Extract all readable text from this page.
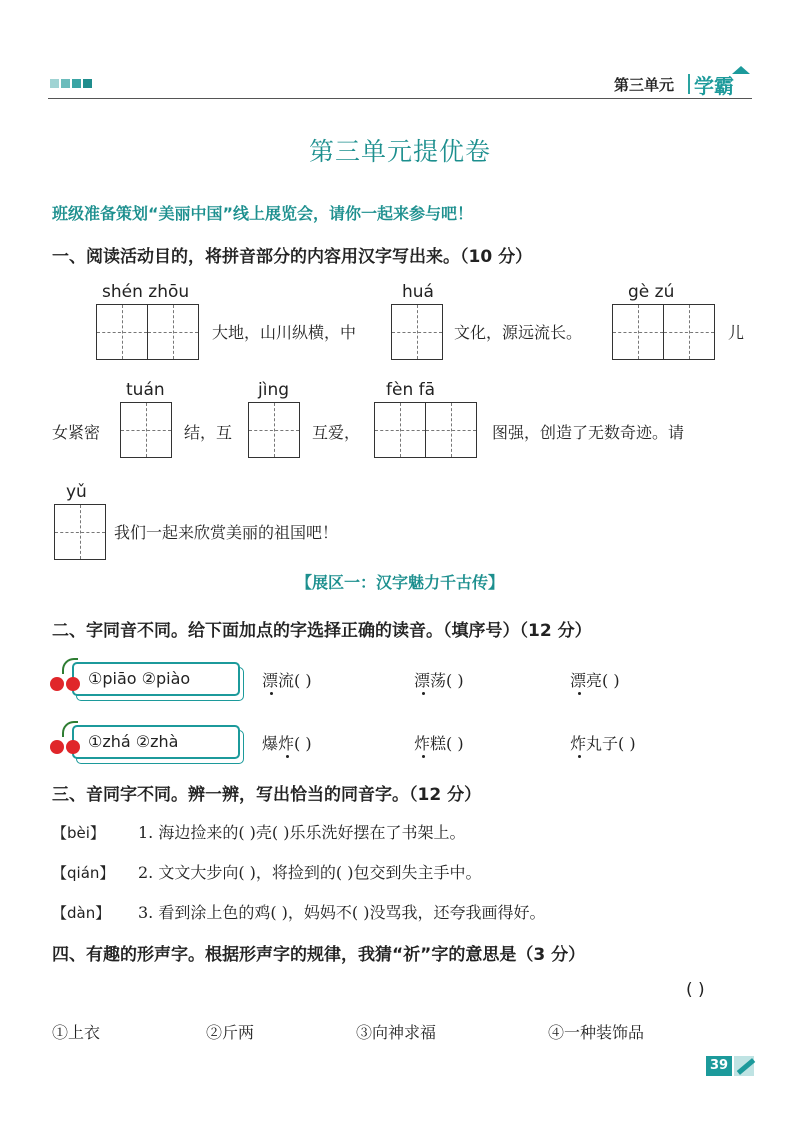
第三单元 学霸
第三单元提优卷
班级准备策划“美丽中国”线上展览会，请你一起来参与吧！
一、阅读活动目的，将拼音部分的内容用汉字写出来。（10 分）
shén zhōu
大地，山川纵横，中
huá
文化，源远流长。
gè zú
儿
女紧密
tuán
结，互
jìng
互爱，
fèn fā
图强，创造了无数奇迹。请
yǔ
我们一起来欣赏美丽的祖国吧！
【展区一：汉字魅力千古传】
二、字同音不同。给下面加点的字选择正确的读音。（填序号）（12 分）
①piāo ②piào	漂流( )	漂荡( )	漂亮( )
①zhá ②zhà	爆炸( )	炸糕( )	炸丸子( )
三、音同字不同。辨一辨，写出恰当的同音字。（12 分）
【bèi】 1. 海边捡来的( )壳( )乐乐洗好摆在了书架上。
【qián】 2. 文文大步向( )，将捡到的( )包交到失主手中。
【dàn】 3. 看到涂上色的鸡( )，妈妈不( )没骂我，还夸我画得好。
四、有趣的形声字。根据形声字的规律，我猜“祈”字的意思是（3 分）
( )
①上衣	②斤两	③向神求福	④一种装饰品
39
